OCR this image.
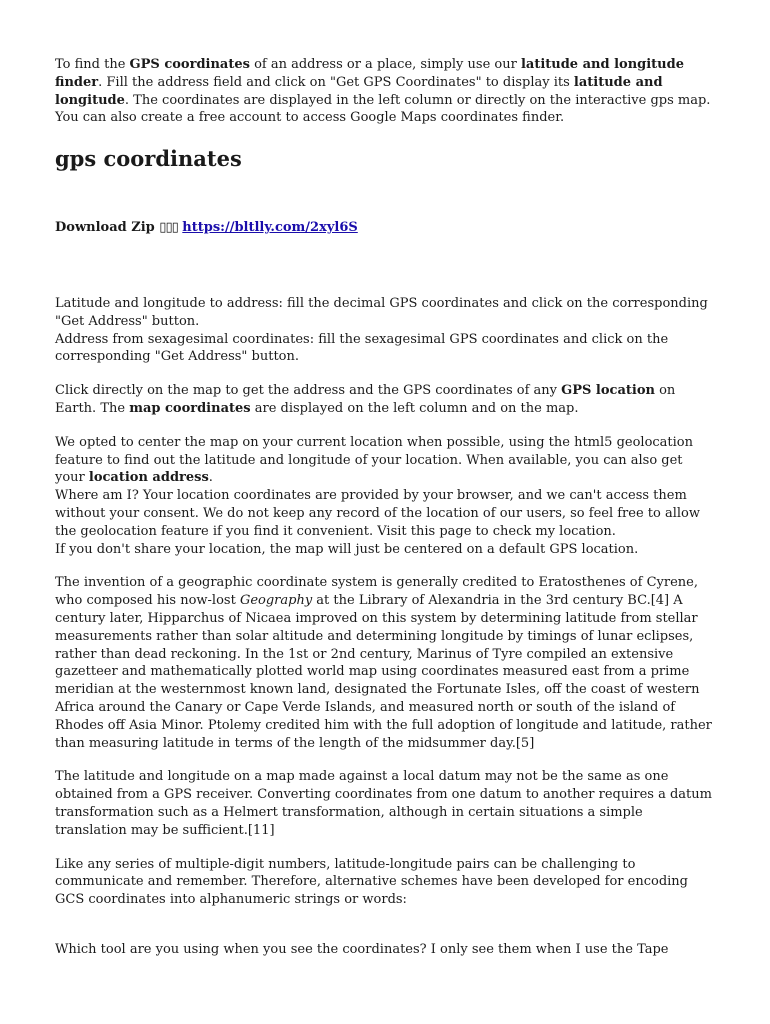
To find the GPS coordinates of an address or a place, simply use our latitude and longitude finder. Fill the address field and click on "Get GPS Coordinates" to display its latitude and longitude. The coordinates are displayed in the left column or directly on the interactive gps map. You can also create a free account to access Google Maps coordinates finder.

gps coordinates

Download Zip ▯▯▯ https://bltlly.com/2xyl6S

Latitude and longitude to address: fill the decimal GPS coordinates and click on the corresponding "Get Address" button.
Address from sexagesimal coordinates: fill the sexagesimal GPS coordinates and click on the corresponding "Get Address" button.

Click directly on the map to get the address and the GPS coordinates of any GPS location on Earth. The map coordinates are displayed on the left column and on the map.

We opted to center the map on your current location when possible, using the html5 geolocation feature to find out the latitude and longitude of your location. When available, you can also get your location address.
Where am I? Your location coordinates are provided by your browser, and we can't access them without your consent. We do not keep any record of the location of our users, so feel free to allow the geolocation feature if you find it convenient. Visit this page to check my location.
If you don't share your location, the map will just be centered on a default GPS location.

The invention of a geographic coordinate system is generally credited to Eratosthenes of Cyrene, who composed his now-lost Geography at the Library of Alexandria in the 3rd century BC.[4] A century later, Hipparchus of Nicaea improved on this system by determining latitude from stellar measurements rather than solar altitude and determining longitude by timings of lunar eclipses, rather than dead reckoning. In the 1st or 2nd century, Marinus of Tyre compiled an extensive gazetteer and mathematically plotted world map using coordinates measured east from a prime meridian at the westernmost known land, designated the Fortunate Isles, off the coast of western Africa around the Canary or Cape Verde Islands, and measured north or south of the island of Rhodes off Asia Minor. Ptolemy credited him with the full adoption of longitude and latitude, rather than measuring latitude in terms of the length of the midsummer day.[5]

The latitude and longitude on a map made against a local datum may not be the same as one obtained from a GPS receiver. Converting coordinates from one datum to another requires a datum transformation such as a Helmert transformation, although in certain situations a simple translation may be sufficient.[11]

Like any series of multiple-digit numbers, latitude-longitude pairs can be challenging to communicate and remember. Therefore, alternative schemes have been developed for encoding GCS coordinates into alphanumeric strings or words:

Which tool are you using when you see the coordinates? I only see them when I use the Tape
